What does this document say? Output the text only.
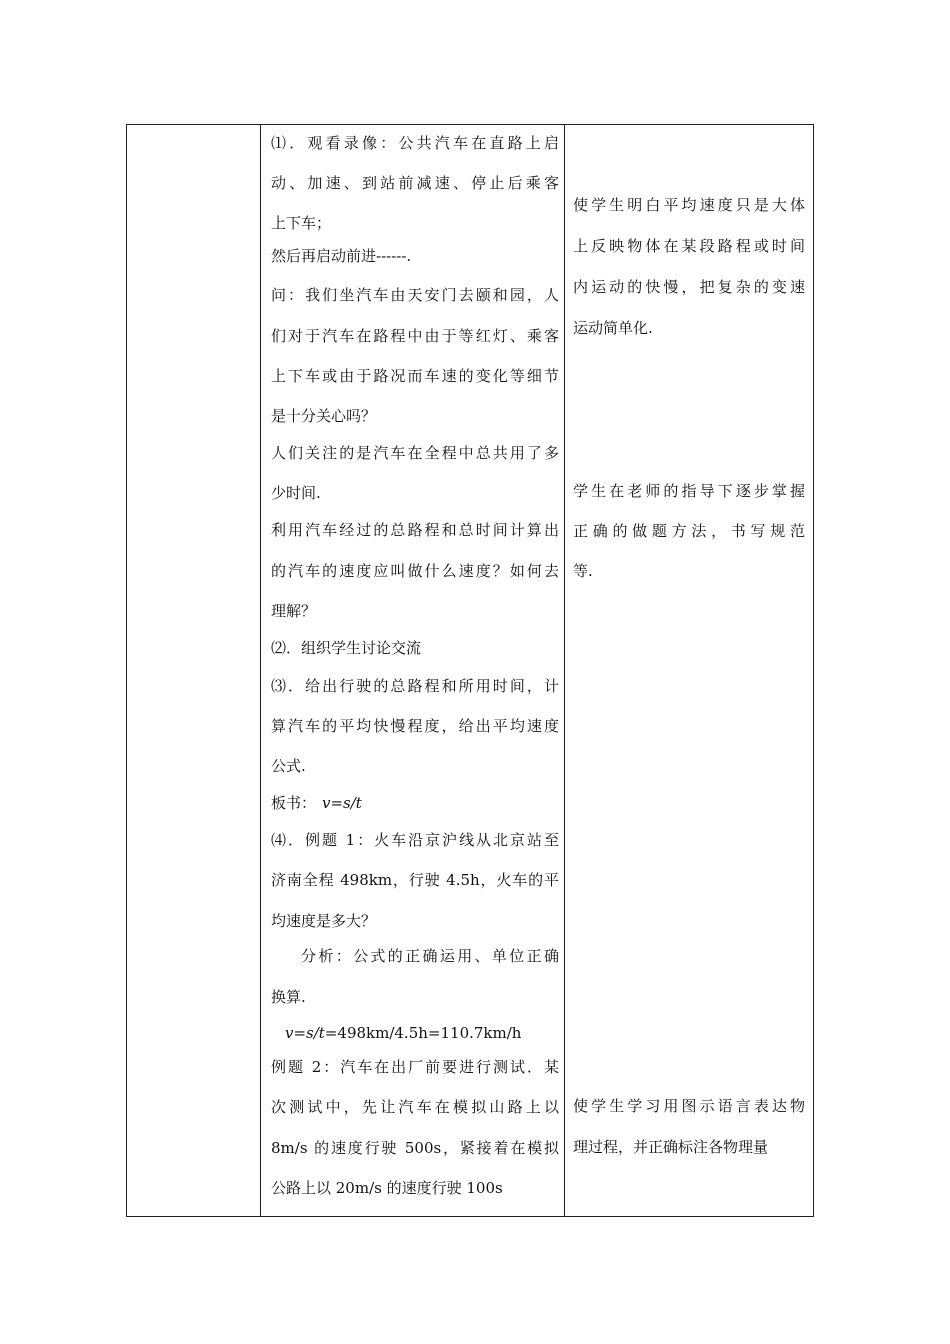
⑴．观看录像：公共汽车在直路上启
动、加速、到站前减速、停止后乘客
上下车；
然后再启动前进------.
问：我们坐汽车由天安门去颐和园，人
们对于汽车在路程中由于等红灯、乘客
上下车或由于路况而车速的变化等细节
是十分关心吗？
人们关注的是汽车在全程中总共用了多
少时间.
利用汽车经过的总路程和总时间计算出
的汽车的速度应叫做什么速度？如何去
理解？
⑵．组织学生讨论交流
⑶．给出行驶的总路程和所用时间，计
算汽车的平均快慢程度，给出平均速度
公式.
板书： v=s/t
⑷．例题 1：火车沿京沪线从北京站至
济南全程 498km，行驶 4.5h，火车的平
均速度是多大？
分析：公式的正确运用、单位正确
换算.
v=s/t=498km/4.5h=110.7km/h
例题 2：汽车在出厂前要进行测试．某
次测试中，先让汽车在模拟山路上以
8m/s 的速度行驶 500s，紧接着在模拟
公路上以 20m/s 的速度行驶 100s
使学生明白平均速度只是大体
上反映物体在某段路程或时间
内运动的快慢，把复杂的变速
运动简单化.
学生在老师的指导下逐步掌握
正确的做题方法，书写规范
等.
使学生学习用图示语言表达物
理过程，并正确标注各物理量
